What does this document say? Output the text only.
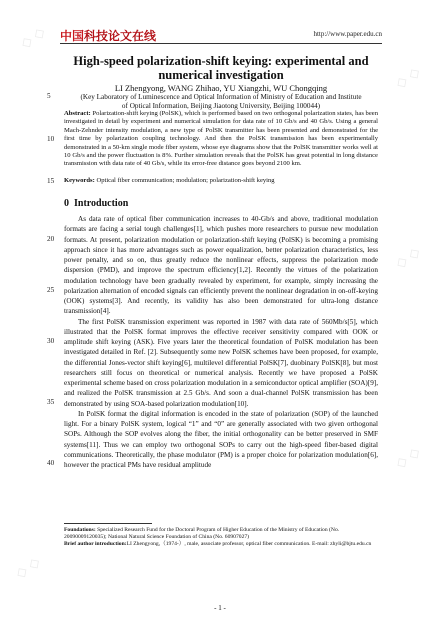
◇ ◇
◇ ◇
◇ ◇
◇ ◇
◇ ◇
中国科技论文在线	http://www.paper.edu.cn
High-speed polarization-shift keying: experimental and
numerical investigation
LI Zhengyong, WANG Zhihao, YU Xiangzhi, WU Chongqing
(Key Laboratory of Luminescence and Optical Information of Ministry of Education and Institute
of Optical Information, Beijing Jiaotong University, Beijing 100044)
5
10
15
20
25
30
35
40
Abstract: Polarization-shift keying (PolSK), which is performed based on two orthogonal polarization states, has been investigated in detail by experiment and numerical simulation for data rate of 10 Gb/s and 40 Gb/s. Using a general Mach-Zehnder intensity modulation, a new type of PolSK transmitter has been presented and demonstrated for the first time by polarization coupling technology. And then the PolSK transmission has been experimentally demonstrated in a 50-km single mode fiber system, whose eye diagrams show that the PolSK transmitter works well at 10 Gb/s and the power fluctuation is 8%. Further simulation reveals that the PolSK has great potential in long distance transmission with data rate of 40 Gb/s, while its error-free distance goes beyond 2100 km.
Keywords: Optical fiber communication; modulation; polarization-shift keying
0 Introduction

As data rate of optical fiber communication increases to 40-Gb/s and above, traditional modulation formats are facing a serial tough challenges[1], which pushes more researchers to pursue new modulation formats. At present, polarization modulation or polarization-shift keying (PolSK) is becoming a promising approach since it has more advantages such as power equalization, better polarization characteristics, less power penalty, and so on, thus greatly reduce the nonlinear effects, suppress the polarization mode dispersion (PMD), and improve the spectrum efficiency[1,2]. Recently the virtues of the polarization modulation technology have been gradually revealed by experiment, for example, simply increasing the polarization alternation of encoded signals can efficiently prevent the nonlinear degradation in on-off-keying (OOK) systems[3]. And recently, its validity has also been demonstrated for ultra-long distance transmission[4].

The first PolSK transmission experiment was reported in 1987 with data rate of 560Mb/s[5], which illustrated that the PolSK format improves the effective receiver sensitivity compared with OOK or amplitude shift keying (ASK). Five years later the theoretical foundation of PolSK modulation has been investigated detailed in Ref. [2]. Subsequently some new PolSK schemes have been proposed, for example, the differential Jones-vector shift keying[6], multilevel differential PolSK[7], duobinary PolSK[8], but most researchers still focus on theoretical or numerical analysis. Recently we have proposed a PolSK experimental scheme based on cross polarization modulation in a semiconductor optical amplifier (SOA)[9], and realized the PolSK transmission at 2.5 Gb/s. And soon a dual-channel PolSK transmission has been demonstrated by using SOA-based polarization modulation[10].

In PolSK format the digital information is encoded in the state of polarization (SOP) of the launched light. For a binary PolSK system, logical “1” and “0” are generally associated with two given orthogonal SOPs. Although the SOP evolves along the fiber, the initial orthogonality can be better preserved in SMF systems[11]. Thus we can employ two orthogonal SOPs to carry out the high-speed fiber-based digital communications. Theoretically, the phase modulator (PM) is a proper choice for polarization modulation[6], however the practical PMs have residual amplitude

Foundations: Specialized Research Fund for the Doctoral Program of Higher Education of the Ministry of Education (No. 20090009120035); National Natural Science Foundation of China (No. 60907027)
Brief author introduction:LI Zhengyong,（1974-）, male, associate professor, optical fiber communication. E-mail: zhyli@bjtu.edu.cn
- 1 -
